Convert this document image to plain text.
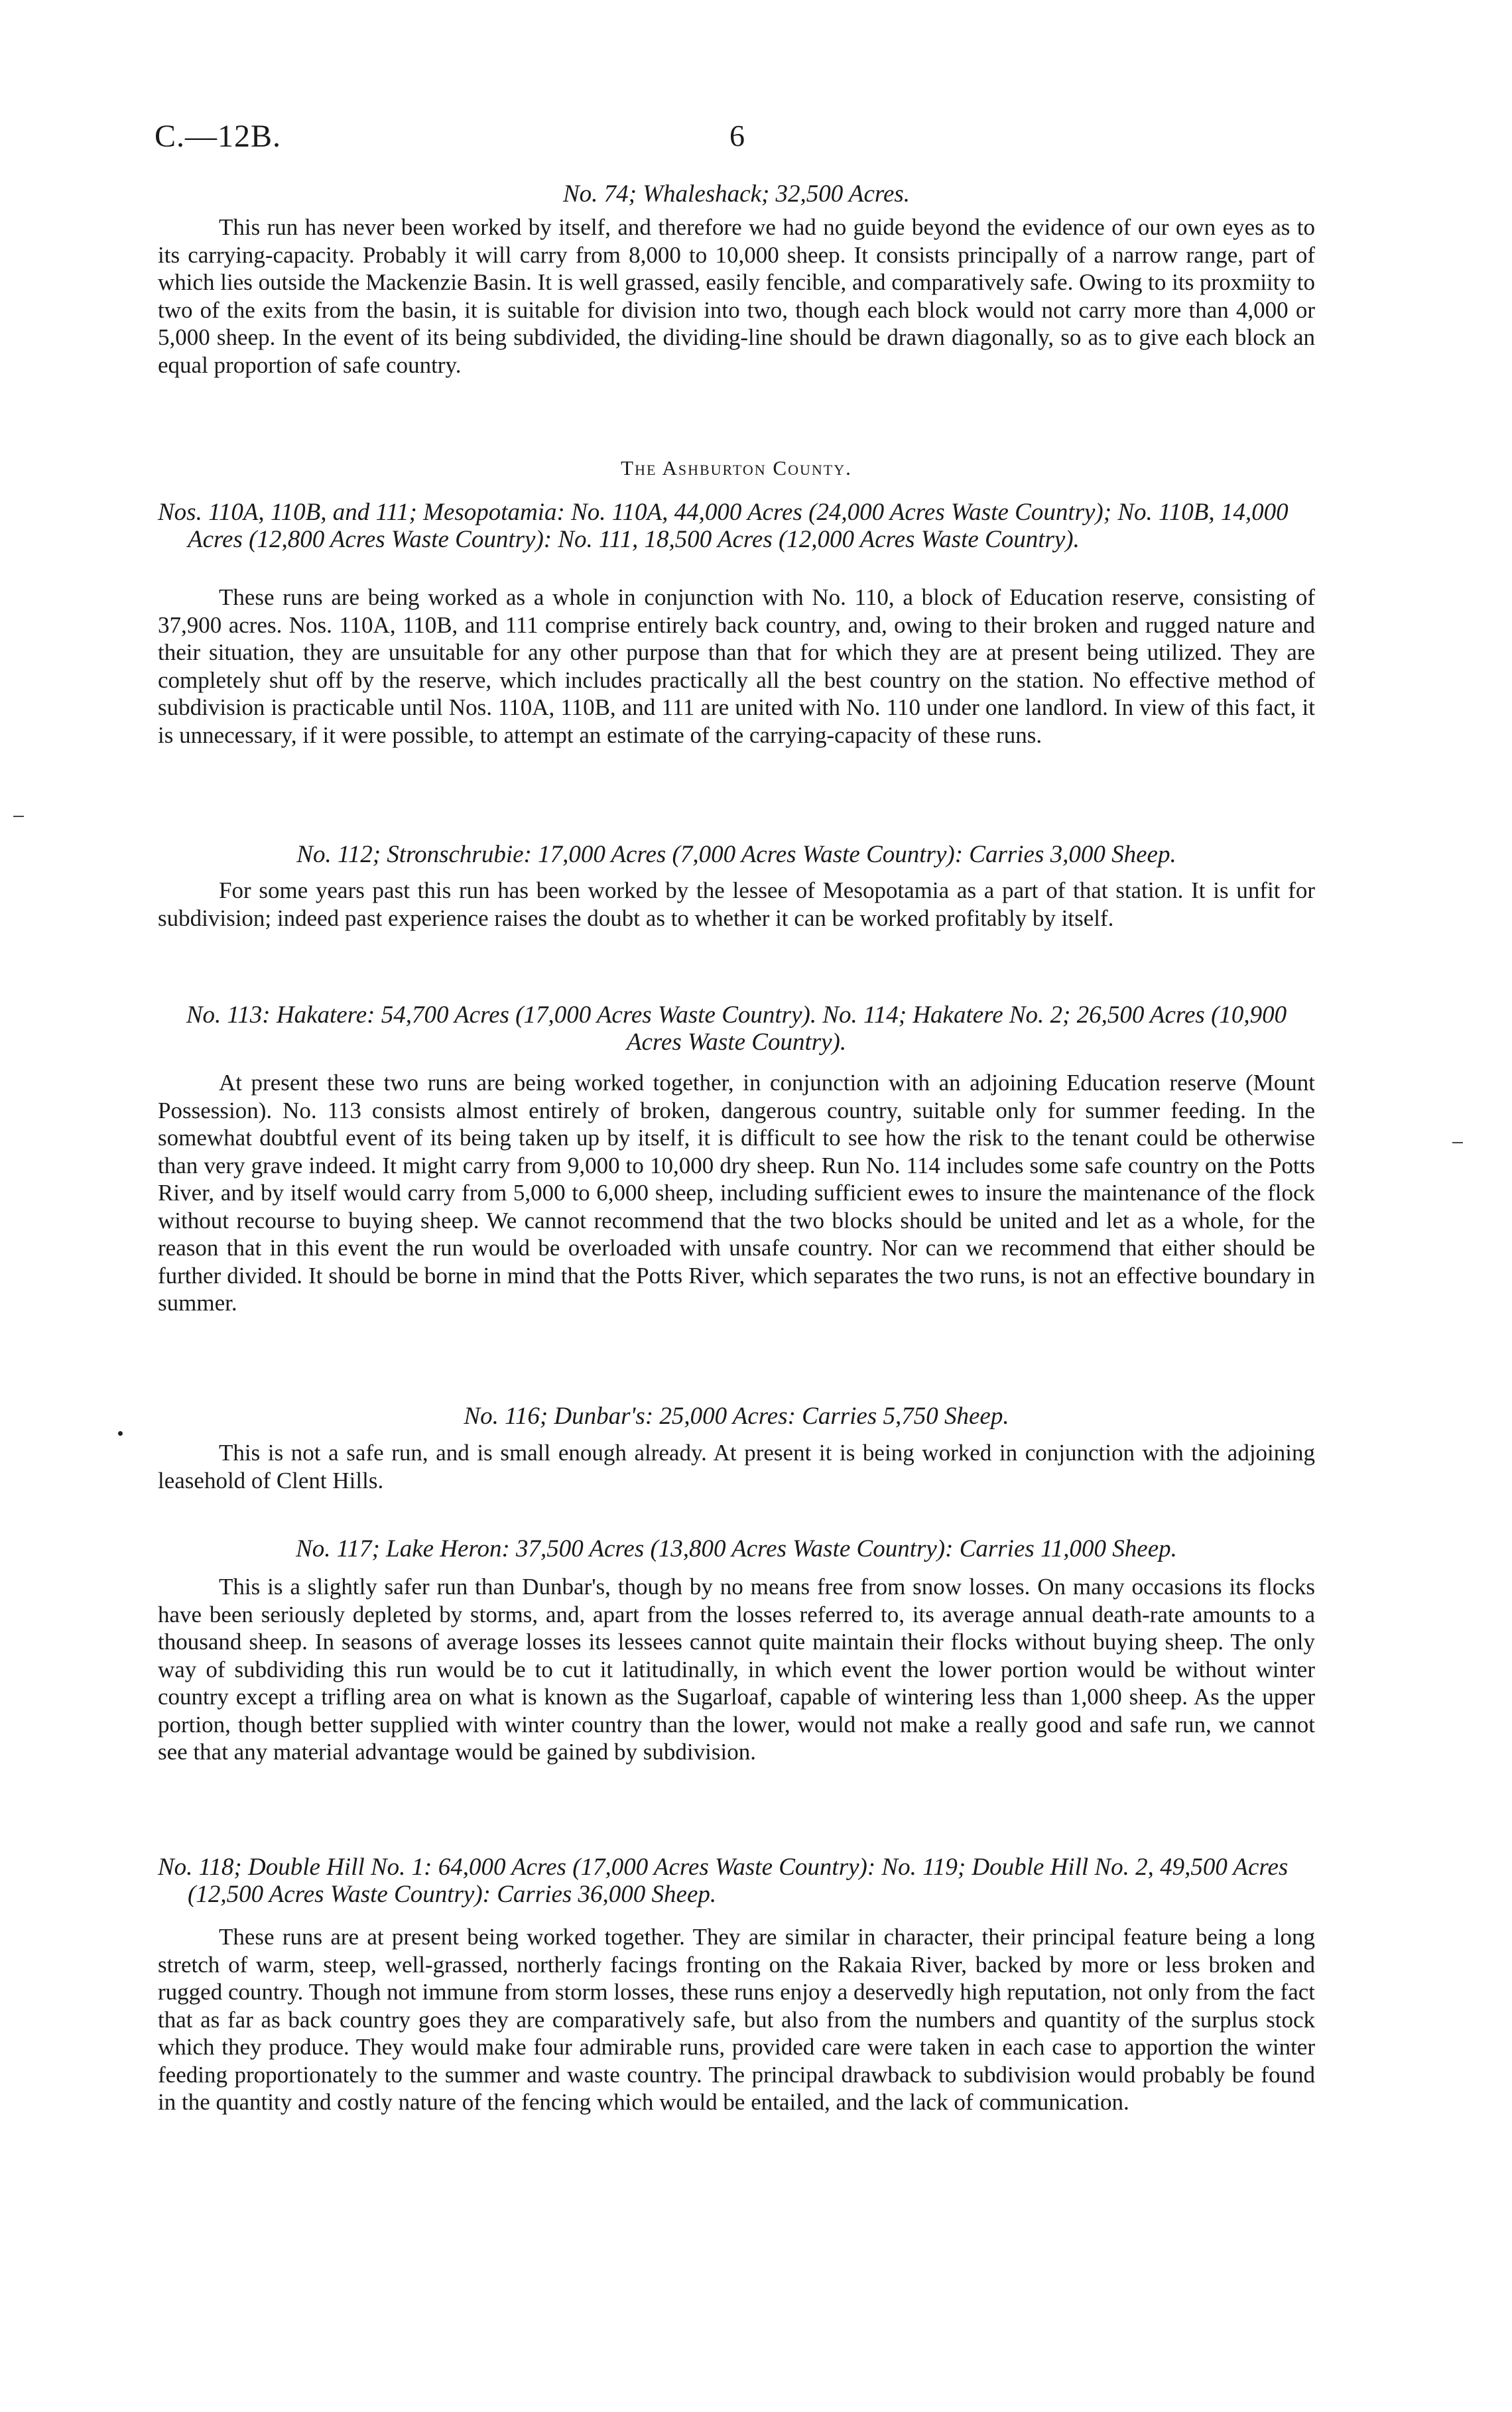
C.—12B.	6
No. 74; Whaleshack; 32,500 Acres.

This run has never been worked by itself, and therefore we had no guide beyond the evidence of our own eyes as to its carrying-capacity. Probably it will carry from 8,000 to 10,000 sheep. It consists principally of a narrow range, part of which lies outside the Mackenzie Basin. It is well grassed, easily fencible, and comparatively safe. Owing to its proxmiity to two of the exits from the basin, it is suitable for division into two, though each block would not carry more than 4,000 or 5,000 sheep. In the event of its being subdivided, the dividing-line should be drawn diagonally, so as to give each block an equal proportion of safe country.

The Ashburton County.
Nos. 110A, 110B, and 111; Mesopotamia: No. 110A, 44,000 Acres (24,000 Acres Waste Country); No. 110B, 14,000 Acres (12,800 Acres Waste Country): No. 111, 18,500 Acres (12,000 Acres Waste Country).

These runs are being worked as a whole in conjunction with No. 110, a block of Education reserve, consisting of 37,900 acres. Nos. 110A, 110B, and 111 comprise entirely back country, and, owing to their broken and rugged nature and their situation, they are unsuitable for any other purpose than that for which they are at present being utilized. They are completely shut off by the reserve, which includes practically all the best country on the station. No effective method of subdivision is practicable until Nos. 110A, 110B, and 111 are united with No. 110 under one landlord. In view of this fact, it is unnecessary, if it were possible, to attempt an estimate of the carrying-capacity of these runs.

No. 112; Stronschrubie: 17,000 Acres (7,000 Acres Waste Country): Carries 3,000 Sheep.

For some years past this run has been worked by the lessee of Mesopotamia as a part of that station. It is unfit for subdivision; indeed past experience raises the doubt as to whether it can be worked profitably by itself.

No. 113: Hakatere: 54,700 Acres (17,000 Acres Waste Country). No. 114; Hakatere No. 2; 26,500 Acres (10,900 Acres Waste Country).

At present these two runs are being worked together, in conjunction with an adjoining Education reserve (Mount Possession). No. 113 consists almost entirely of broken, dangerous country, suitable only for summer feeding. In the somewhat doubtful event of its being taken up by itself, it is difficult to see how the risk to the tenant could be otherwise than very grave indeed. It might carry from 9,000 to 10,000 dry sheep. Run No. 114 includes some safe country on the Potts River, and by itself would carry from 5,000 to 6,000 sheep, including sufficient ewes to insure the maintenance of the flock without recourse to buying sheep. We cannot recommend that the two blocks should be united and let as a whole, for the reason that in this event the run would be overloaded with unsafe country. Nor can we recommend that either should be further divided. It should be borne in mind that the Potts River, which separates the two runs, is not an effective boundary in summer.

No. 116; Dunbar's: 25,000 Acres: Carries 5,750 Sheep.

This is not a safe run, and is small enough already. At present it is being worked in conjunction with the adjoining leasehold of Clent Hills.

No. 117; Lake Heron: 37,500 Acres (13,800 Acres Waste Country): Carries 11,000 Sheep.

This is a slightly safer run than Dunbar's, though by no means free from snow losses. On many occasions its flocks have been seriously depleted by storms, and, apart from the losses referred to, its average annual death-rate amounts to a thousand sheep. In seasons of average losses its lessees cannot quite maintain their flocks without buying sheep. The only way of subdividing this run would be to cut it latitudinally, in which event the lower portion would be without winter country except a trifling area on what is known as the Sugarloaf, capable of wintering less than 1,000 sheep. As the upper portion, though better supplied with winter country than the lower, would not make a really good and safe run, we cannot see that any material advantage would be gained by subdivision.

No. 118; Double Hill No. 1: 64,000 Acres (17,000 Acres Waste Country): No. 119; Double Hill No. 2, 49,500 Acres (12,500 Acres Waste Country): Carries 36,000 Sheep.

These runs are at present being worked together. They are similar in character, their principal feature being a long stretch of warm, steep, well-grassed, northerly facings fronting on the Rakaia River, backed by more or less broken and rugged country. Though not immune from storm losses, these runs enjoy a deservedly high reputation, not only from the fact that as far as back country goes they are comparatively safe, but also from the numbers and quantity of the surplus stock which they produce. They would make four admirable runs, provided care were taken in each case to apportion the winter feeding proportionately to the summer and waste country. The principal drawback to subdivision would probably be found in the quantity and costly nature of the fencing which would be entailed, and the lack of communication.
